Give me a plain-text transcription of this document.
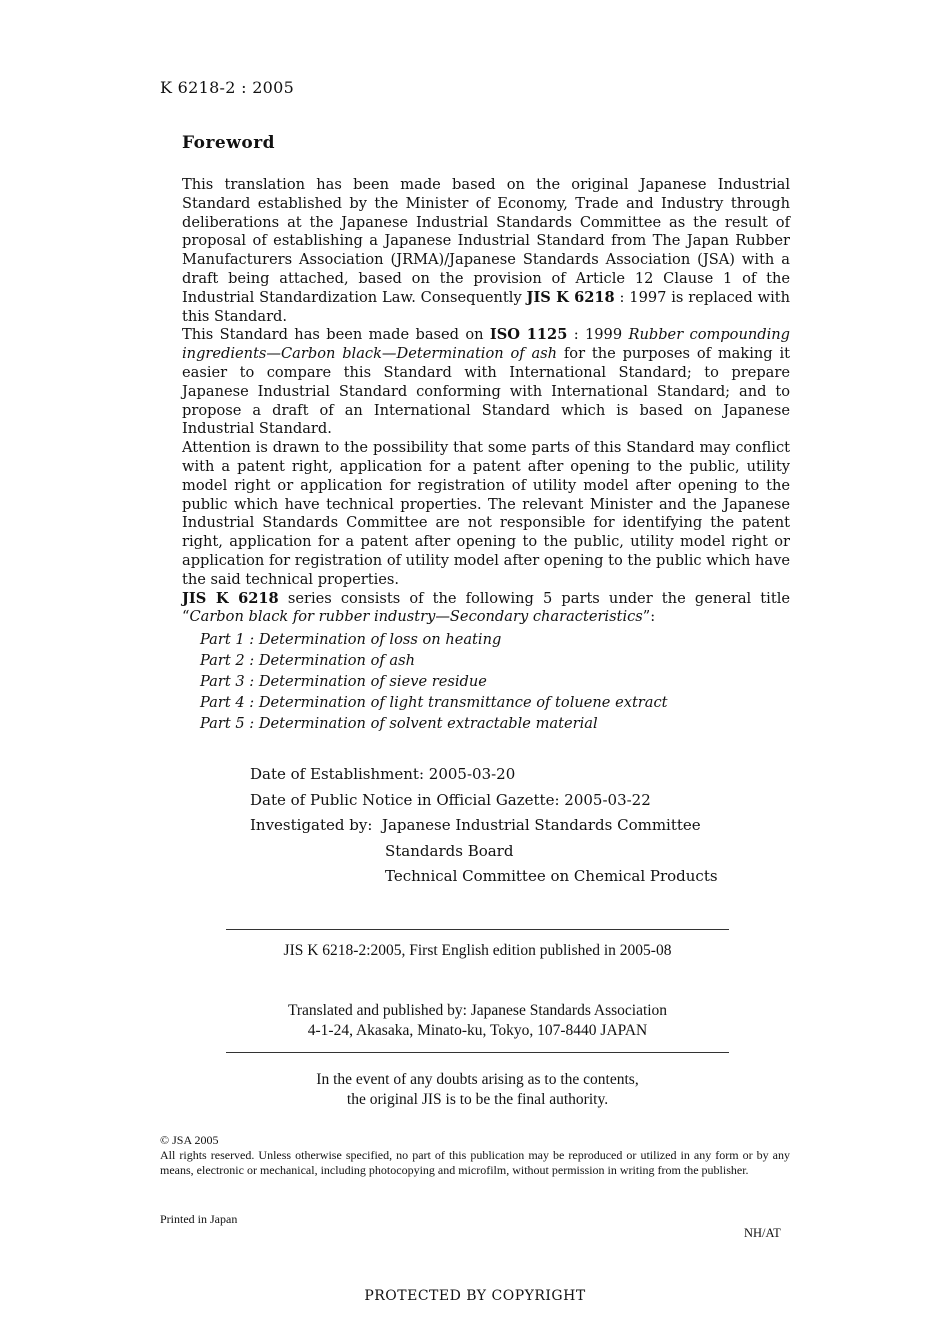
K 6218-2 : 2005
Foreword

This translation has been made based on the original Japanese Industrial Standard established by the Minister of Economy, Trade and Industry through deliberations at the Japanese Industrial Standards Committee as the result of proposal of establishing a Japanese Industrial Standard from The Japan Rubber Manufacturers Association (JRMA)/Japanese Standards Association (JSA) with a draft being attached, based on the provision of Article 12 Clause 1 of the Industrial Standardization Law. Consequently JIS K 6218 : 1997 is replaced with this Standard.

This Standard has been made based on ISO 1125 : 1999 Rubber compounding ingredients—Carbon black—Determination of ash for the purposes of making it easier to compare this Standard with International Standard; to prepare Japanese Industrial Standard conforming with International Standard; and to propose a draft of an International Standard which is based on Japanese Industrial Standard.

Attention is drawn to the possibility that some parts of this Standard may conflict with a patent right, application for a patent after opening to the public, utility model right or application for registration of utility model after opening to the public which have technical properties. The relevant Minister and the Japanese Industrial Standards Committee are not responsible for identifying the patent right, application for a patent after opening to the public, utility model right or application for registration of utility model after opening to the public which have the said technical properties.

JIS K 6218 series consists of the following 5 parts under the general title “Carbon black for rubber industry—Secondary characteristics”:

Part 1 : Determination of loss on heating
Part 2 : Determination of ash
Part 3 : Determination of sieve residue
Part 4 : Determination of light transmittance of toluene extract
Part 5 : Determination of solvent extractable material
Date of Establishment: 2005-03-20
Date of Public Notice in Official Gazette: 2005-03-22
Investigated by: Japanese Industrial Standards Committee
Standards Board
Technical Committee on Chemical Products
JIS K 6218-2:2005, First English edition published in 2005-08
Translated and published by: Japanese Standards Association
4-1-24, Akasaka, Minato-ku, Tokyo, 107-8440 JAPAN
In the event of any doubts arising as to the contents,
the original JIS is to be the final authority.
© JSA 2005
All rights reserved. Unless otherwise specified, no part of this publication may be reproduced or utilized in any form or by any means, electronic or mechanical, including photocopying and microfilm, without permission in writing from the publisher.
Printed in Japan
NH/AT
PROTECTED BY COPYRIGHT
